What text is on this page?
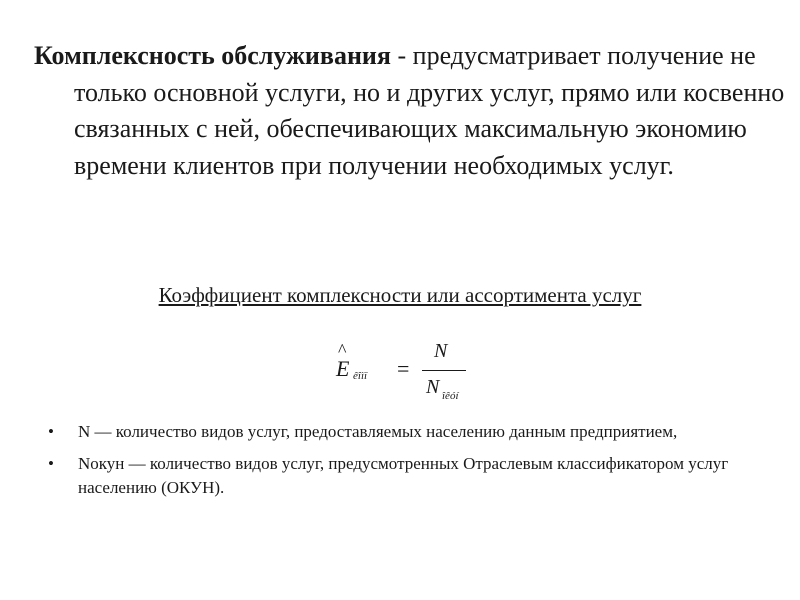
Комплексность обслуживания - предусматривает получение не только основной услуги, но и других услуг, прямо или косвенно связанных с ней, обеспечивающих максимальную экономию времени клиентов при получении необходимых услуг.

Коэффициент комплексности или ассортимента услуг

^
E êîìï =
N
N îêóí
• N — количество видов услуг, предоставляемых населению данным предприятием,
• Nокун — количество видов услуг, предусмотренных Отраслевым классификатором услуг населению (ОКУН).
